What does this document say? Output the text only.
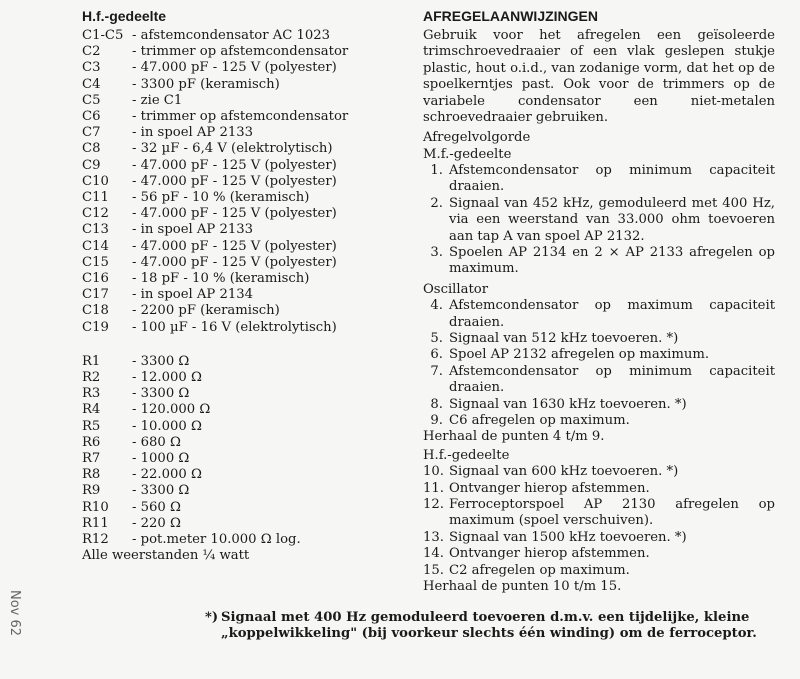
H.f.-gedeelte
C1-C5 - afstemcondensator AC 1023
C2	- trimmer op afstemcondensator
C3	- 47.000 pF - 125 V (polyester)
C4	- 3300 pF (keramisch)
C5	- zie C1
C6	- trimmer op afstemcondensator
C7	- in spoel AP 2133
C8	- 32 µF - 6,4 V (elektrolytisch)
C9	- 47.000 pF - 125 V (polyester)
C10	- 47.000 pF - 125 V (polyester)
C11	- 56 pF - 10 % (keramisch)
C12	- 47.000 pF - 125 V (polyester)
C13	- in spoel AP 2133
C14	- 47.000 pF - 125 V (polyester)
C15	- 47.000 pF - 125 V (polyester)
C16	- 18 pF - 10 % (keramisch)
C17	- in spoel AP 2134
C18	- 2200 pF (keramisch)
C19	- 100 µF - 16 V (elektrolytisch)
R1	- 3300 Ω
R2	- 12.000 Ω
R3	- 3300 Ω
R4	- 120.000 Ω
R5	- 10.000 Ω
R6	- 680 Ω
R7	- 1000 Ω
R8	- 22.000 Ω
R9	- 3300 Ω
R10	- 560 Ω
R11	- 220 Ω
R12	- pot.meter 10.000 Ω log.
Alle weerstanden ¼ watt
AFREGELAANWIJZINGEN

Gebruik voor het afregelen een geïsoleerde trimschroevedraaier of een vlak geslepen stukje plastic, hout o.i.d., van zodanige vorm, dat het op de spoelkerntjes past. Ook voor de trimmers op de variabele condensator een niet-metalen schroevedraaier gebruiken.

Afregelvolgorde
M.f.-gedeelte
1. Afstemcondensator op minimum capaciteit draaien.
2. Signaal van 452 kHz, gemoduleerd met 400 Hz, via een weerstand van 33.000 ohm toevoeren aan tap A van spoel AP 2132.
3. Spoelen AP 2134 en 2 × AP 2133 afregelen op maximum.
Oscillator
4. Afstemcondensator op maximum capaciteit draaien.
5. Signaal van 512 kHz toevoeren. *)
6. Spoel AP 2132 afregelen op maximum.
7. Afstemcondensator op minimum capaciteit draaien.
8. Signaal van 1630 kHz toevoeren. *)
9. C6 afregelen op maximum.
Herhaal de punten 4 t/m 9.
H.f.-gedeelte
10. Signaal van 600 kHz toevoeren. *)
11. Ontvanger hierop afstemmen.
12. Ferroceptorspoel AP 2130 afregelen op maximum (spoel verschuiven).
13. Signaal van 1500 kHz toevoeren. *)
14. Ontvanger hierop afstemmen.
15. C2 afregelen op maximum.
Herhaal de punten 10 t/m 15.
*) Signaal met 400 Hz gemoduleerd toevoeren d.m.v. een tijdelijke, kleine „koppelwikkeling" (bij voorkeur slechts één winding) om de ferroceptor.
Nov 62
